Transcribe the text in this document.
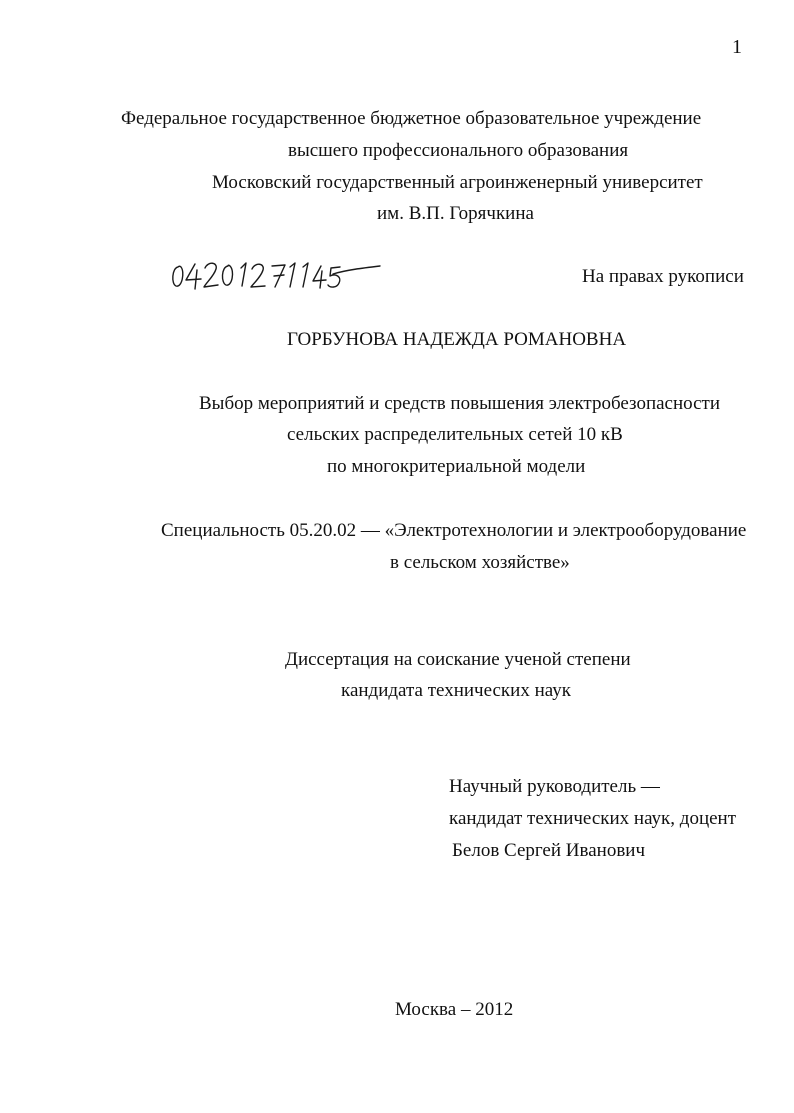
1
Федеральное государственное бюджетное образовательное учреждение
высшего профессионального образования
Московский государственный агроинженерный университет
им. В.П. Горячкина
На правах рукописи
ГОРБУНОВА НАДЕЖДА РОМАНОВНА
Выбор мероприятий и средств повышения электробезопасности
сельских распределительных сетей 10 кВ
по многокритериальной модели
Специальность 05.20.02 — «Электротехнологии и электрооборудование
в сельском хозяйстве»
Диссертация на соискание ученой степени
кандидата технических наук
Научный руководитель —
кандидат технических наук, доцент
Белов Сергей Иванович
Москва – 2012
